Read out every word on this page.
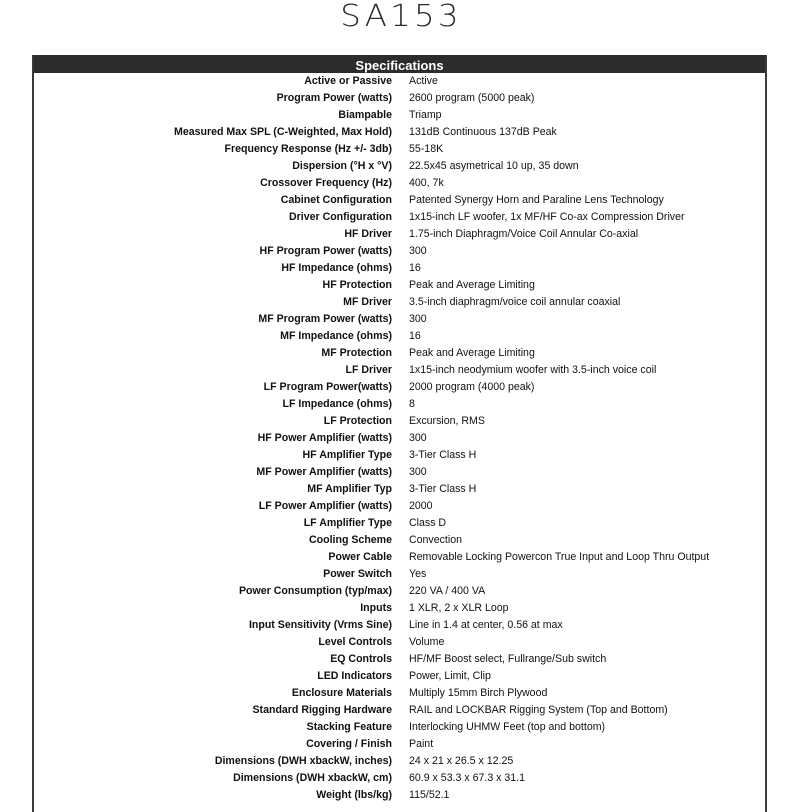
SA153
Specifications
Active or Passive Active
Program Power (watts) 2600 program (5000 peak)
Biampable Triamp
Measured Max SPL (C-Weighted, Max Hold) 131dB Continuous 137dB Peak
Frequency Response (Hz +/- 3db) 55-18K
Dispersion (°H x °V) 22.5x45 asymetrical 10 up, 35 down
Crossover Frequency (Hz) 400, 7k
Cabinet Configuration Patented Synergy Horn and Paraline Lens Technology
Driver Configuration 1x15-inch LF woofer, 1x MF/HF Co-ax Compression Driver
HF Driver 1.75-inch Diaphragm/Voice Coil Annular Co-axial
HF Program Power (watts) 300
HF Impedance (ohms) 16
HF Protection Peak and Average Limiting
MF Driver 3.5-inch diaphragm/voice coil annular coaxial
MF Program Power (watts) 300
MF Impedance (ohms) 16
MF Protection Peak and Average Limiting
LF Driver 1x15-inch neodymium woofer with 3.5-inch voice coil
LF Program Power(watts) 2000 program (4000 peak)
LF Impedance (ohms) 8
LF Protection Excursion, RMS
HF Power Amplifier (watts) 300
HF Amplifier Type 3-Tier Class H
MF Power Amplifier (watts) 300
MF Amplifier Typ 3-Tier Class H
LF Power Amplifier (watts) 2000
LF Amplifier Type Class D
Cooling Scheme Convection
Power Cable Removable Locking Powercon True Input and Loop Thru Output
Power Switch Yes
Power Consumption (typ/max) 220 VA / 400 VA
Inputs 1 XLR, 2 x XLR Loop
Input Sensitivity (Vrms Sine) Line in 1.4 at center, 0.56 at max
Level Controls Volume
EQ Controls HF/MF Boost select, Fullrange/Sub switch
LED Indicators Power, Limit, Clip
Enclosure Materials Multiply 15mm Birch Plywood
Standard Rigging Hardware RAIL and LOCKBAR Rigging System (Top and Bottom)
Stacking Feature Interlocking UHMW Feet (top and bottom)
Covering / Finish Paint
Dimensions (DWH xbackW, inches) 24 x 21 x 26.5 x 12.25
Dimensions (DWH xbackW, cm) 60.9 x 53.3 x 67.3 x 31.1
Weight (lbs/kg) 115/52.1
